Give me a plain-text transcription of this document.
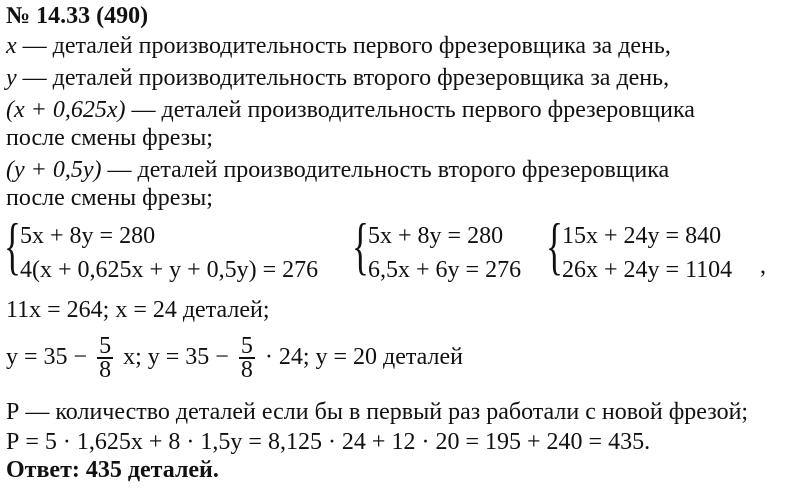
№ 14.33 (490)
x — деталей производительность первого фрезеровщика за день,
y — деталей производительность второго фрезеровщика за день,
(x + 0,625x) — деталей производительность первого фрезеровщика
после смены фрезы;
(y + 0,5y) — деталей производительность второго фрезеровщика
после смены фрезы;
{ 5x + 8y = 280
4(x + 0,625x + y + 0,5y) = 276 { 5x + 8y = 280
6,5x + 6y = 276 { 15x + 24y = 840
26x + 24y = 1104 ,
11x = 264; x = 24 деталей;
$y = 35 - \frac{5}{8} x$; $y = 35 - \frac{5}{8} \cdot 24$; y = 20 деталей
Р — количество деталей если бы в первый раз работали с новой фрезой;
Р = 5 · 1,625x + 8 · 1,5y = 8,125 · 24 + 12 · 20 = 195 + 240 = 435.
Ответ: 435 деталей.
